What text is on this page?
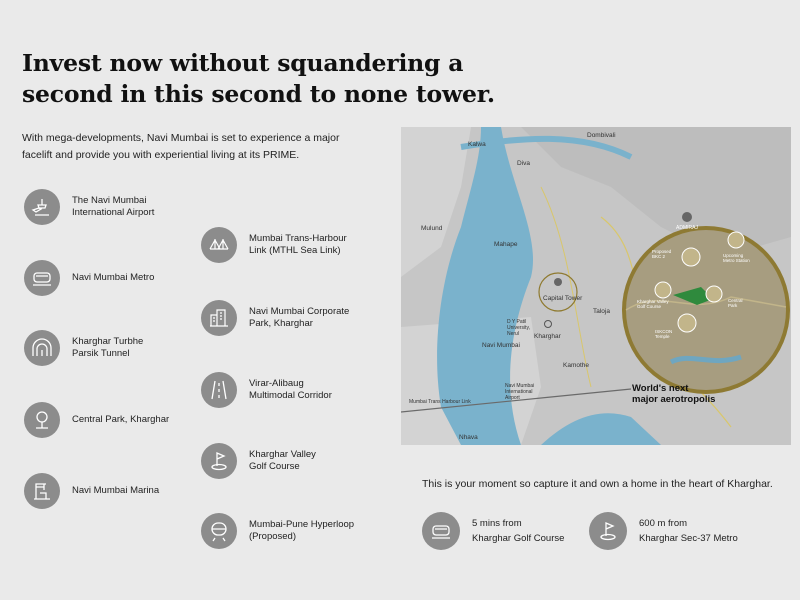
Invest now without squandering a second in this second to none tower.
With mega-developments, Navi Mumbai is set to experience a major facelift and provide you with experiential living at its PRIME.
The Navi Mumbai
International Airport
Navi Mumbai Metro
Kharghar Turbhe
Parsik Tunnel
Central Park, Kharghar
Navi Mumbai Marina
Mumbai Trans-Harbour
Link (MTHL Sea Link)
Navi Mumbai Corporate
Park, Kharghar
Virar-Alibaug
Multimodal Corridor
Kharghar Valley
Golf Course
Mumbai-Pune Hyperloop
(Proposed)
Dombivali
Kalwa
Diva
Mulund
Mahape
Capital Tower
Taloja
Kharghar
D Y Patil
University,
Nerul
Navi Mumbai
Kamothe
Navi Mumbai
International
Airport
Mumbai Trans Harbour Link
Nhava
ADMIRAJ
Proposed
BKC 2	Upcoming
Metro Station
Kharghar Valley
Golf Course
Central
Park
ISKCON
Temple
World's next
major aerotropolis
This is your moment so capture it and own a home in the heart of Kharghar.
5 mins from
Kharghar Golf Course
600 m from
Kharghar Sec-37 Metro
